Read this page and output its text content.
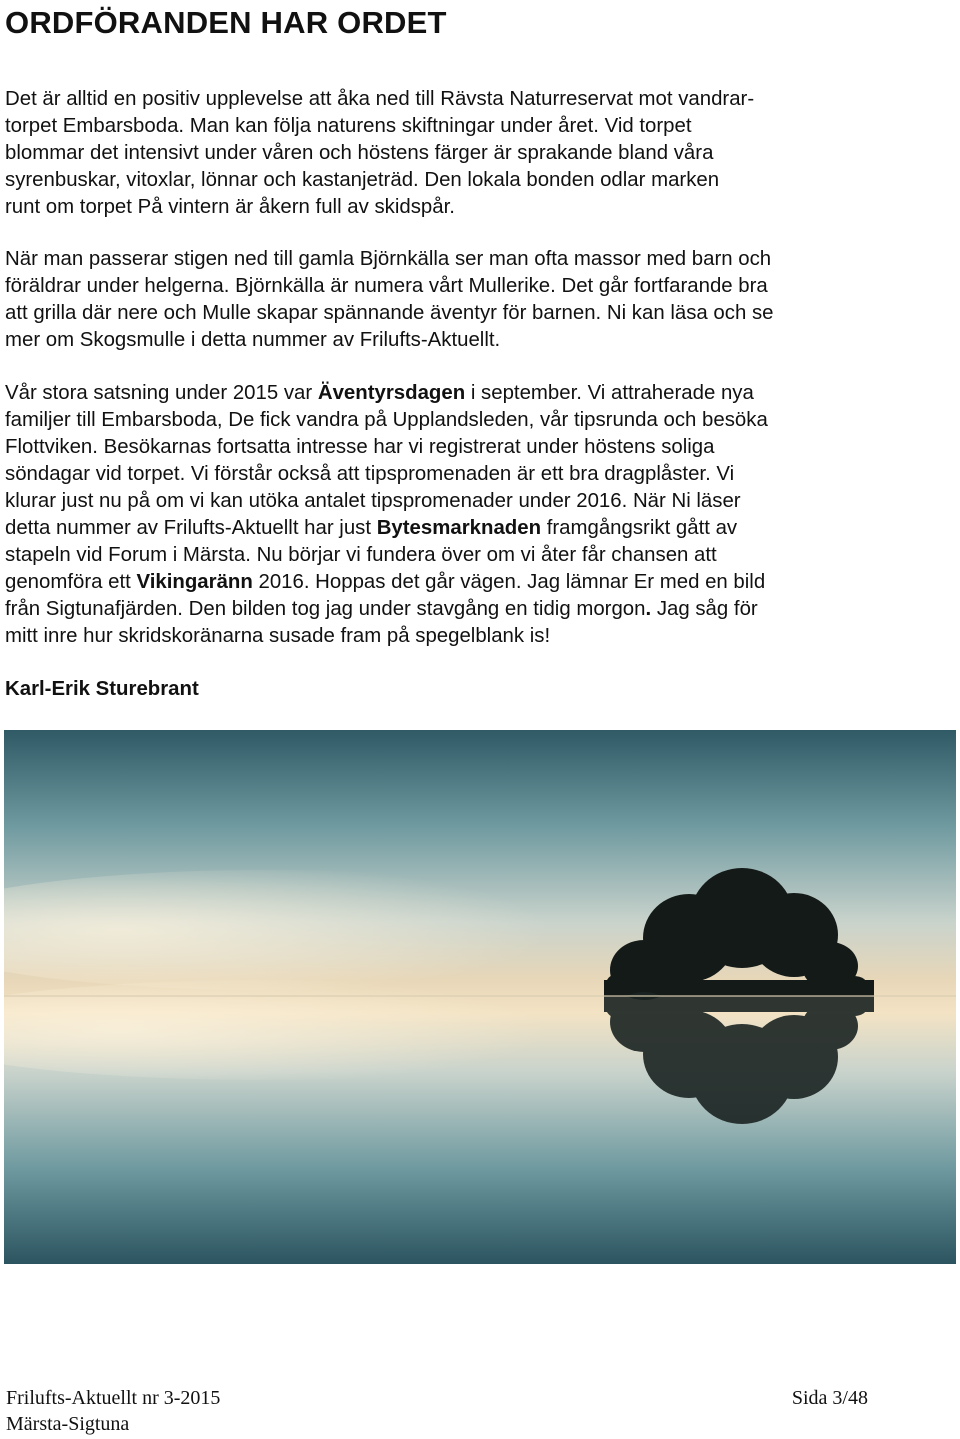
ORDFÖRANDEN HAR ORDET
Det är alltid en positiv upplevelse att åka ned till Rävsta Naturreservat mot vandrar-
torpet Embarsboda. Man kan följa naturens skiftningar under året. Vid torpet
blommar det intensivt under våren och höstens färger är sprakande bland våra
syrenbuskar, vitoxlar, lönnar och kastanjeträd. Den lokala bonden odlar marken
runt om torpet På vintern är åkern full av skidspår.
När man passerar stigen ned till gamla Björnkälla ser man ofta massor med barn och
föräldrar under helgerna. Björnkälla är numera vårt Mullerike. Det går fortfarande bra
att grilla där nere och Mulle skapar spännande äventyr för barnen. Ni kan läsa och se
mer om Skogsmulle i detta nummer av Frilufts-Aktuellt.
Vår stora satsning under 2015 var Äventyrsdagen i september. Vi attraherade nya
familjer till Embarsboda, De fick vandra på Upplandsleden, vår tipsrunda och besöka
Flottviken. Besökarnas fortsatta intresse har vi registrerat under höstens soliga
söndagar vid torpet. Vi förstår också att tipspromenaden är ett bra dragplåster. Vi
klurar just nu på om vi kan utöka antalet tipspromenader under 2016. När Ni läser
detta nummer av Frilufts-Aktuellt har just Bytesmarknaden framgångsrikt gått av
stapeln vid Forum i Märsta. Nu börjar vi fundera över om vi åter får chansen att
genomföra ett Vikingaränn 2016. Hoppas det går vägen. Jag lämnar Er med en bild
från Sigtunafjärden. Den bilden tog jag under stavgång en tidig morgon. Jag såg för
mitt inre hur skridskoränarna susade fram på spegelblank is!

Karl-Erik Sturebrant

Frilufts-Aktuellt nr 3-2015	Sida 3/48
Märsta-Sigtuna
